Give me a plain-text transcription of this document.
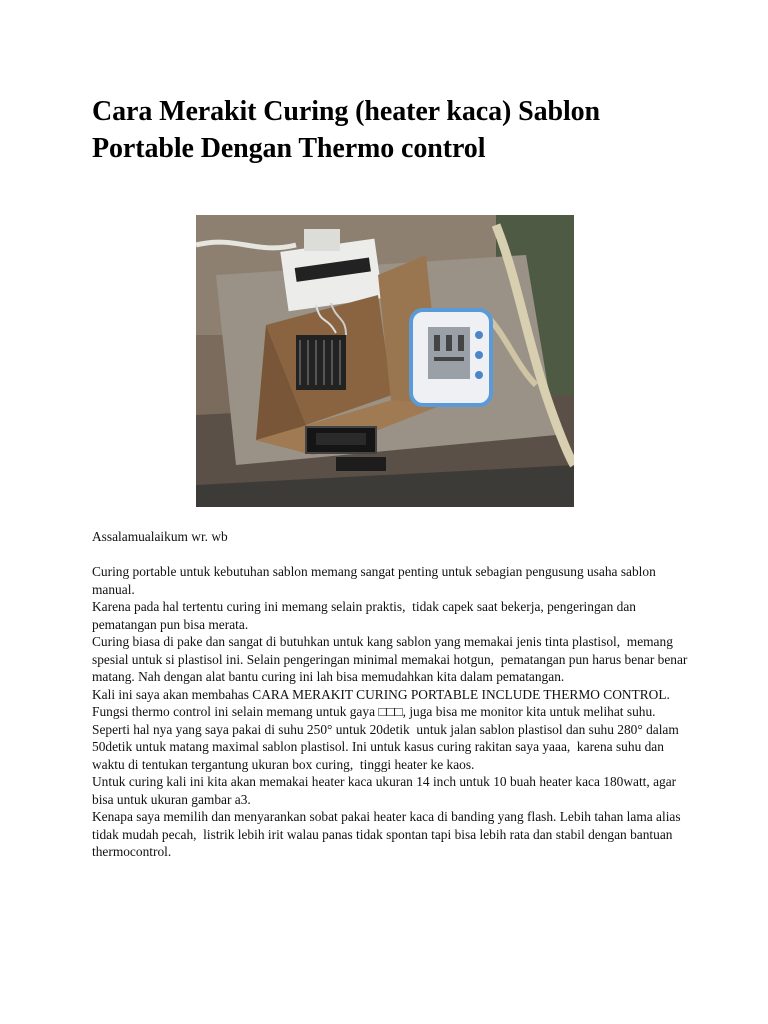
Cara Merakit Curing (heater kaca) Sablon Portable Dengan Thermo control

Assalamualaikum wr. wb

Curing portable untuk kebutuhan sablon memang sangat penting untuk sebagian pengusung usaha sablon manual.

Karena pada hal tertentu curing ini memang selain praktis,  tidak capek saat bekerja, pengeringan dan pematangan pun bisa merata.

Curing biasa di pake dan sangat di butuhkan untuk kang sablon yang memakai jenis tinta plastisol,  memang spesial untuk si plastisol ini. Selain pengeringan minimal memakai hotgun,  pematangan pun harus benar benar matang. Nah dengan alat bantu curing ini lah bisa memudahkan kita dalam pematangan.

Kali ini saya akan membahas CARA MERAKIT CURING PORTABLE INCLUDE THERMO CONTROL.

Fungsi thermo control ini selain memang untuk gaya □□□, juga bisa me monitor kita untuk melihat suhu.

Seperti hal nya yang saya pakai di suhu 250° untuk 20detik  untuk jalan sablon plastisol dan suhu 280° dalam 50detik untuk matang maximal sablon plastisol. Ini untuk kasus curing rakitan saya yaaa,  karena suhu dan waktu di tentukan tergantung ukuran box curing,  tinggi heater ke kaos.

Untuk curing kali ini kita akan memakai heater kaca ukuran 14 inch untuk 10 buah heater kaca 180watt, agar bisa untuk ukuran gambar a3.

Kenapa saya memilih dan menyarankan sobat pakai heater kaca di banding yang flash. Lebih tahan lama alias tidak mudah pecah,  listrik lebih irit walau panas tidak spontan tapi bisa lebih rata dan stabil dengan bantuan thermocontrol.
